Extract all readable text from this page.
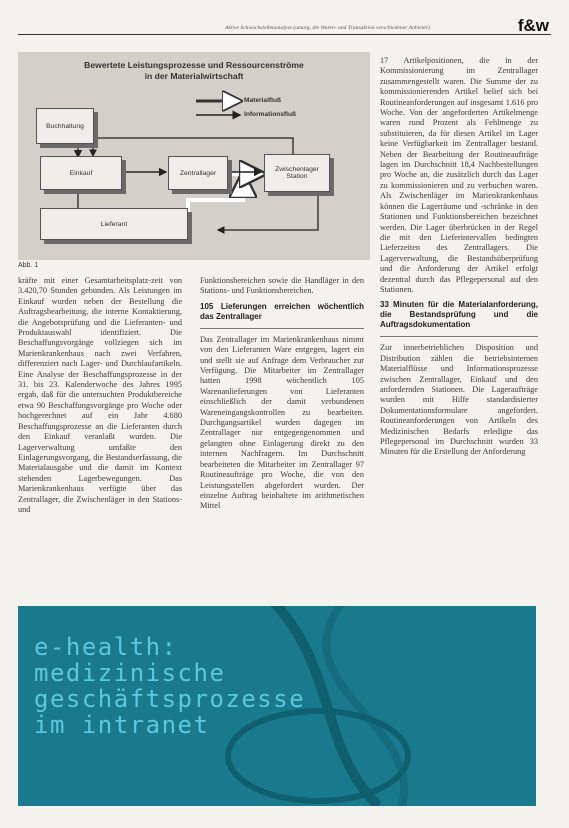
Aktive Schwachstellenanalyse (amarg, die Waren- und Transaktion verschiedener Anbieter)	f&w
Bewertete Leistungsprozesse und Ressourcenströme
in der Materialwirtschaft
Materialfluß
Informationsfluß
Buchhaltung
Einkauf	Zentrallager	Zwischenlager
Station
Lieferant
Abb. 1

kräfte mit einer Gesamtarbeitsplatz-zeit von 3.420,70 Stunden gebunden. Als Leistungen im Einkauf wurden neben der Bestellung die Auftragsbearbeitung, die interne Kontaktierung, die Angebotsprüfung und die Lieferanten- und Produktauswahl identifiziert. Die Beschaffungsvorgänge vollziegen sich im Marienkrankenhaus nach zwei Verfahren, differenziert nach Lager- und Durchlaufartikeln. Eine Analyse der Beschaffungsprozesse in der 31. bis 23. Kalenderwoche des Jahres 1995 ergab, daß für die untersuchten Produktbereiche etwa 90 Beschaffungsvorgänge pro Woche oder hochgerechnet auf ein Jahr 4.680 Beschaffungsprozesse an die Lieferanten durch den Einkauf veranlaßt wurden. Die Lagerverwaltung umfaßte den Einlagerungsvorgang, die Bestandserfassung, die Materialausgabe und die damit im Kontext stehenden Lagerbewegungen. Das Marienkrankenhaus verfügte über das Zentrallager, die Zwischenläger in den Stations- und

Funktionsbereichen sowie die Handläger in den Stations- und Funktionsbereichen.

105 Lieferungen erreichen wöchentlich das Zentrallager

Das Zentrallager im Marienkrankenhaus nimmt von den Lieferanten Ware entgegen, lagert ein und stellt sie auf Anfrage dem Verbraucher zur Verfügung. Die Mitarbeiter im Zentrallager hatten 1998 wöchentlich 105 Warenanlieferungen von Lieferanten einschließlich der damit verbundenen Wareneingangskontrollen zu bearbeiten. Durchgangsartikel wurden dagegen im Zentrallager nur entgegengenommen und gelangten ohne Einlagerung direkt zu den internen Nachfragern. Im Durchschnitt bearbeiteten die Mitarbeiter im Zentrallager 97 Routineaufträge pro Woche, die von den Leistungsstellen abgefordert wurden. Der einzelne Auftrag beinhaltete im arithmetischen Mittel

17 Artikelpositionen, die in der Kommissionierung im Zentrallager zusammengestellt waren. Die Summe der zu kommissionierenden Artikel belief sich bei Routineanforderungen auf insgesamt 1.616 pro Woche. Von der angeforderten Artikelmenge waren rund Prozent als Fehlmenge zu substituieren, da für diesen Artikel im Lager keine Verfügbarkeit im Zentrallager bestand. Neben der Bearbeitung der Routineaufträge lagen im Durchschnitt 18,4 Nachbestellungen pro Woche an, die zusätzlich durch das Lager zu kommissionieren und zu verbuchen waren. Als Zwischenläger im Marienkrankenhaus können die Lagerräume und -schränke in den Stationen und Funktionsbereichen bezeichnet werden. Die Lager überbrücken in der Regel die mit den Lieferintervallen bedingten Lieferzeiten des Zentrallagers. Die Lagerverwaltung, die Bestandsüberprüfung und die Anforderung der Artikel erfolgt dezentral durch das Pflegepersonal auf den Stationen.

33 Minuten für die Materialanforderung, die Bestandsprüfung und die Auftragsdokumentation

Zur innerbetrieblichen Disposition und Distribution zählen die betriebsinternen Materialflüsse und Informationsprozesse zwischen Zentrallager, Einkauf und den anfordernden Stationen. Die Lageraufträge wurden mit Hilfe standardisierter Dokumentationsformulare angefordert. Routineanforderungen von Artikeln des Medizinischen Bedarfs erledigte das Pflegepersonal im Durchschnitt wurden 33 Minuten für die Erstellung der Anforderung

e-health:
medizinische
geschäftsprozesse
im intranet
